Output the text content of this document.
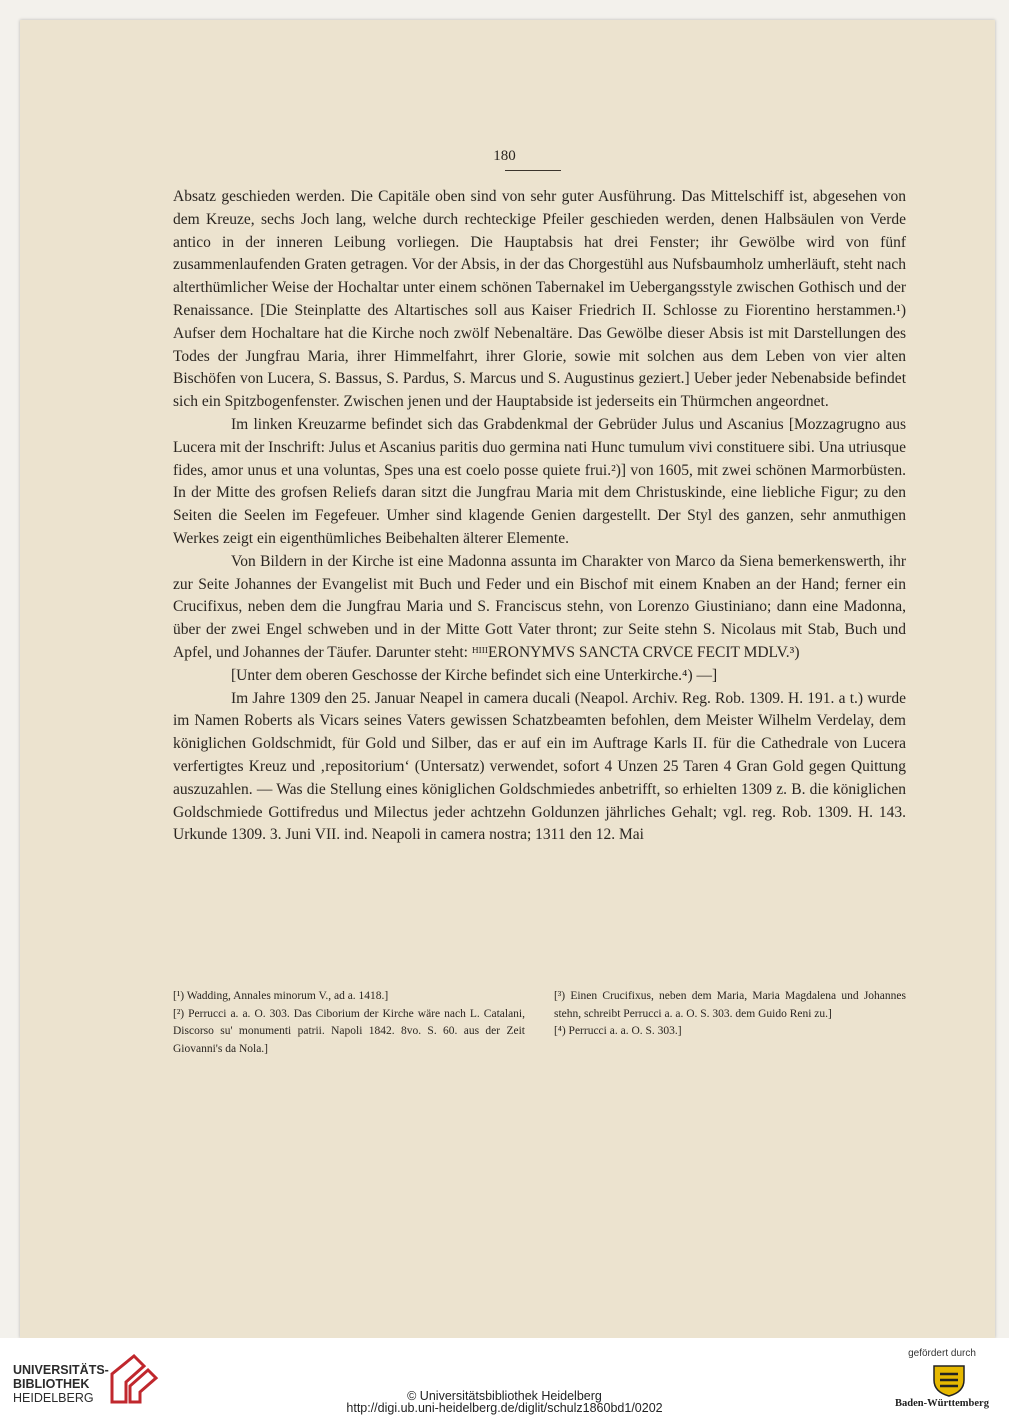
180

Absatz geschieden werden. Die Capitäle oben sind von sehr guter Ausführung. Das Mittelschiff ist, abgesehen von dem Kreuze, sechs Joch lang, welche durch rechteckige Pfeiler geschieden werden, denen Halbsäulen von Verde antico in der inneren Leibung vorliegen. Die Hauptabsis hat drei Fenster; ihr Gewölbe wird von fünf zusammenlaufenden Graten getragen. Vor der Absis, in der das Chorgestühl aus Nufsbaumholz umherläuft, steht nach alterthümlicher Weise der Hochaltar unter einem schönen Tabernakel im Uebergangsstyle zwischen Gothisch und der Renaissance. [Die Steinplatte des Altartisches soll aus Kaiser Friedrich II. Schlosse zu Fiorentino herstammen.¹) Aufser dem Hochaltare hat die Kirche noch zwölf Nebenaltäre. Das Gewölbe dieser Absis ist mit Darstellungen des Todes der Jungfrau Maria, ihrer Himmelfahrt, ihrer Glorie, sowie mit solchen aus dem Leben von vier alten Bischöfen von Lucera, S. Bassus, S. Pardus, S. Marcus und S. Augustinus geziert.] Ueber jeder Nebenabside befindet sich ein Spitzbogenfenster. Zwischen jenen und der Hauptabside ist jederseits ein Thürmchen angeordnet.

Im linken Kreuzarme befindet sich das Grabdenkmal der Gebrüder Julus und Ascanius [Mozzagrugno aus Lucera mit der Inschrift: Julus et Ascanius paritis duo germina nati Hunc tumulum vivi constituere sibi. Una utriusque fides, amor unus et una voluntas, Spes una est coelo posse quiete frui.²)] von 1605, mit zwei schönen Marmorbüsten. In der Mitte des grofsen Reliefs daran sitzt die Jungfrau Maria mit dem Christuskinde, eine liebliche Figur; zu den Seiten die Seelen im Fegefeuer. Umher sind klagende Genien dargestellt. Der Styl des ganzen, sehr anmuthigen Werkes zeigt ein eigenthümliches Beibehalten älterer Elemente.

Von Bildern in der Kirche ist eine Madonna assunta im Charakter von Marco da Siena bemerkenswerth, ihr zur Seite Johannes der Evangelist mit Buch und Feder und ein Bischof mit einem Knaben an der Hand; ferner ein Crucifixus, neben dem die Jungfrau Maria und S. Franciscus stehn, von Lorenzo Giustiniano; dann eine Madonna, über der zwei Engel schweben und in der Mitte Gott Vater thront; zur Seite stehn S. Nicolaus mit Stab, Buch und Apfel, und Johannes der Täufer. Darunter steht: ᴴᴵᴵᴵERONYMVS SANCTA CRVCE FECIT MDLV.³)

[Unter dem oberen Geschosse der Kirche befindet sich eine Unterkirche.⁴) —]

Im Jahre 1309 den 25. Januar Neapel in camera ducali (Neapol. Archiv. Reg. Rob. 1309. H. 191. a t.) wurde im Namen Roberts als Vicars seines Vaters gewissen Schatzbeamten befohlen, dem Meister Wilhelm Verdelay, dem königlichen Goldschmidt, für Gold und Silber, das er auf ein im Auftrage Karls II. für die Cathedrale von Lucera verfertigtes Kreuz und ‚repositorium‘ (Untersatz) verwendet, sofort 4 Unzen 25 Taren 4 Gran Gold gegen Quittung auszuzahlen. — Was die Stellung eines königlichen Goldschmiedes anbetrifft, so erhielten 1309 z. B. die königlichen Goldschmiede Gottifredus und Milectus jeder achtzehn Goldunzen jährliches Gehalt; vgl. reg. Rob. 1309. H. 143. Urkunde 1309. 3. Juni VII. ind. Neapoli in camera nostra; 1311 den 12. Mai

[¹) Wadding, Annales minorum V., ad a. 1418.]

[²) Perrucci a. a. O. 303. Das Ciborium der Kirche wäre nach L. Catalani, Discorso su' monumenti patrii. Napoli 1842. 8vo. S. 60. aus der Zeit Giovanni's da Nola.]

[³) Einen Crucifixus, neben dem Maria, Maria Magdalena und Johannes stehn, schreibt Perrucci a. a. O. S. 303. dem Guido Reni zu.]

[⁴) Perrucci a. a. O. S. 303.]

UNIVERSITÄTS-
BIBLIOTHEK
HEIDELBERG	© Universitätsbibliothek Heidelberg
http://digi.ub.uni-heidelberg.de/diglit/schulz1860bd1/0202
gefördert durch
Baden-Württemberg
